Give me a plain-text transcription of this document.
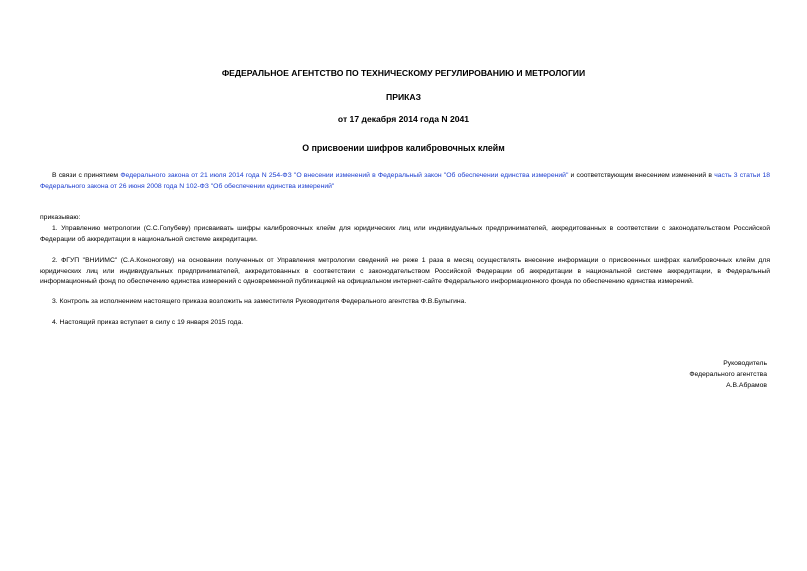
ФЕДЕРАЛЬНОЕ АГЕНТСТВО ПО ТЕХНИЧЕСКОМУ РЕГУЛИРОВАНИЮ И МЕТРОЛОГИИ
ПРИКАЗ
от 17 декабря 2014 года N 2041
О присвоении шифров калибровочных клейм
В связи с принятием Федерального закона от 21 июля 2014 года N 254-ФЗ "О внесении изменений в Федеральный закон "Об обеспечении единства измерений" и соответствующим внесением изменений в часть 3 статьи 18 Федерального закона от 26 июня 2008 года N 102-ФЗ "Об обеспечении единства измерений"
приказываю:
1. Управлению метрологии (С.С.Голубеву) присваивать шифры калибровочных клейм для юридических лиц или индивидуальных предпринимателей, аккредитованных в соответствии с законодательством Российской Федерации об аккредитации в национальной системе аккредитации.
2. ФГУП "ВНИИМС" (С.А.Кононогову) на основании полученных от Управления метрологии сведений не реже 1 раза в месяц осуществлять внесение информации о присвоенных шифрах калибровочных клейм для юридических лиц или индивидуальных предпринимателей, аккредитованных в соответствии с законодательством Российской Федерации об аккредитации в национальной системе аккредитации, в Федеральный информационный фонд по обеспечению единства измерений с одновременной публикацией на официальном интернет-сайте Федерального информационного фонда по обеспечению единства измерений.
3. Контроль за исполнением настоящего приказа возложить на заместителя Руководителя Федерального агентства Ф.В.Булыгина.
4. Настоящий приказ вступает в силу с 19 января 2015 года.
Руководитель
Федерального агентства
А.В.Абрамов
